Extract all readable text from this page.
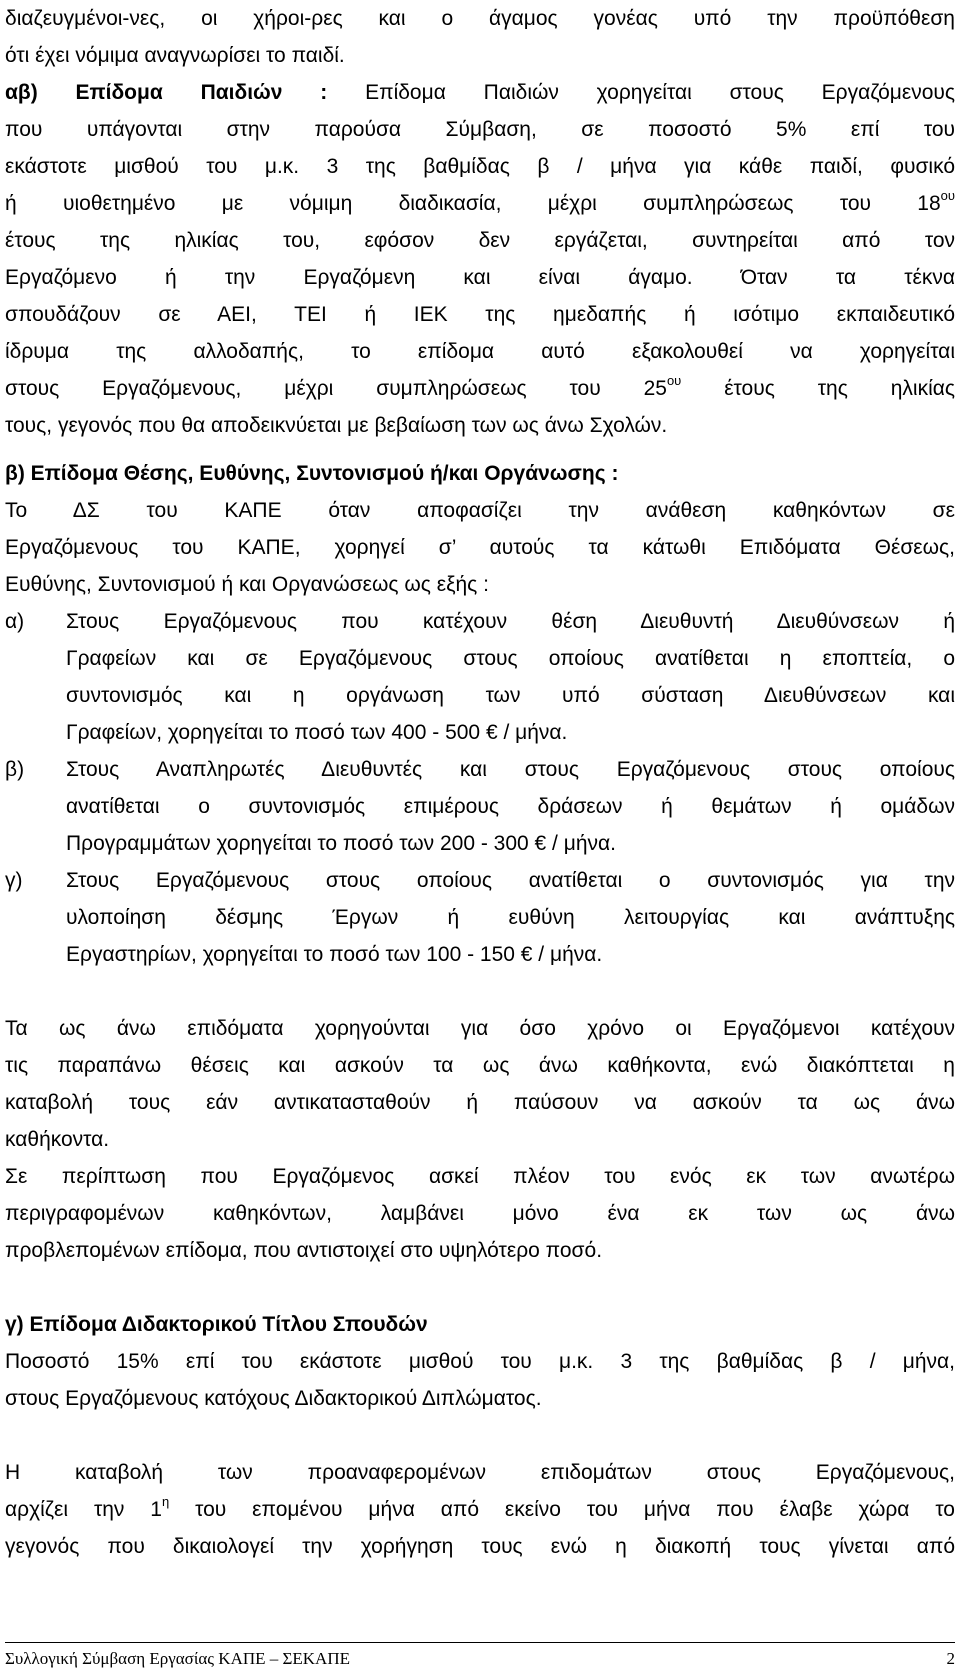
διαζευγμένοι-νες, οι χήροι-ρες και ο άγαμος γονέας υπό την προϋπόθεση
ότι έχει νόμιμα αναγνωρίσει το παιδί.
αβ) Επίδομα Παιδιών : Επίδομα Παιδιών χορηγείται στους Εργαζόμενους
που υπάγονται στην παρούσα Σύμβαση, σε ποσοστό 5% επί του
εκάστοτε μισθού του μ.κ. 3 της βαθμίδας β / μήνα για κάθε παιδί, φυσικό
ή υιοθετημένο με νόμιμη διαδικασία, μέχρι συμπληρώσεως του $18^{o\upsilon}$
έτους της ηλικίας του, εφόσον δεν εργάζεται, συντηρείται από τον
Εργαζόμενο ή την Εργαζόμενη και είναι άγαμο. Όταν τα τέκνα
σπουδάζουν σε ΑΕΙ, ΤΕΙ ή ΙΕΚ της ημεδαπής ή ισότιμο εκπαιδευτικό
ίδρυμα της αλλοδαπής, το επίδομα αυτό εξακολουθεί να χορηγείται
στους Εργαζόμενους, μέχρι συμπληρώσεως του $25^{o\upsilon}$ έτους της ηλικίας
τους, γεγονός που θα αποδεικνύεται με βεβαίωση των ως άνω Σχολών.
β) Επίδομα Θέσης, Ευθύνης, Συντονισμού ή/και Οργάνωσης :
Το ΔΣ του ΚΑΠΕ όταν αποφασίζει την ανάθεση καθηκόντων σε
Εργαζόμενους του ΚΑΠΕ, χορηγεί σ’ αυτούς τα κάτωθι Επιδόματα Θέσεως,
Ευθύνης, Συντονισμού ή και Οργανώσεως ως εξής :
α) Στους Εργαζόμενους που κατέχουν θέση Διευθυντή Διευθύνσεων ή
Γραφείων και σε Εργαζόμενους στους οποίους ανατίθεται η εποπτεία, ο
συντονισμός και η οργάνωση των υπό σύσταση Διευθύνσεων και
Γραφείων, χορηγείται το ποσό των 400 - 500 € / μήνα.
β) Στους Αναπληρωτές Διευθυντές και στους Εργαζόμενους στους οποίους
ανατίθεται ο συντονισμός επιμέρους δράσεων ή θεμάτων ή ομάδων
Προγραμμάτων χορηγείται το ποσό των 200 - 300 € / μήνα.
γ) Στους Εργαζόμενους στους οποίους ανατίθεται ο συντονισμός για την
υλοποίηση δέσμης Έργων ή ευθύνη λειτουργίας και ανάπτυξης
Εργαστηρίων, χορηγείται το ποσό των 100 - 150 € / μήνα.
Τα ως άνω επιδόματα χορηγούνται για όσο χρόνο οι Εργαζόμενοι κατέχουν
τις παραπάνω θέσεις και ασκούν τα ως άνω καθήκοντα, ενώ διακόπτεται η
καταβολή τους εάν αντικατασταθούν ή παύσουν να ασκούν τα ως άνω
καθήκοντα.
Σε περίπτωση που Εργαζόμενος ασκεί πλέον του ενός εκ των ανωτέρω
περιγραφομένων καθηκόντων, λαμβάνει μόνο ένα εκ των ως άνω
προβλεπομένων επίδομα, που αντιστοιχεί στο υψηλότερο ποσό.
γ) Επίδομα Διδακτορικού Τίτλου Σπουδών
Ποσοστό 15% επί του εκάστοτε μισθού του μ.κ. 3 της βαθμίδας β / μήνα,
στους Εργαζόμενους κατόχους Διδακτορικού Διπλώματος.
Η καταβολή των προαναφερομένων επιδομάτων στους Εργαζόμενους,
αρχίζει την $1^\eta$ του επομένου μήνα από εκείνο του μήνα που έλαβε χώρα το
γεγονός που δικαιολογεί την χορήγηση τους ενώ η διακοπή τους γίνεται από
Συλλογική Σύμβαση Εργασίας ΚΑΠΕ – ΣΕΚΑΠΕ	2
